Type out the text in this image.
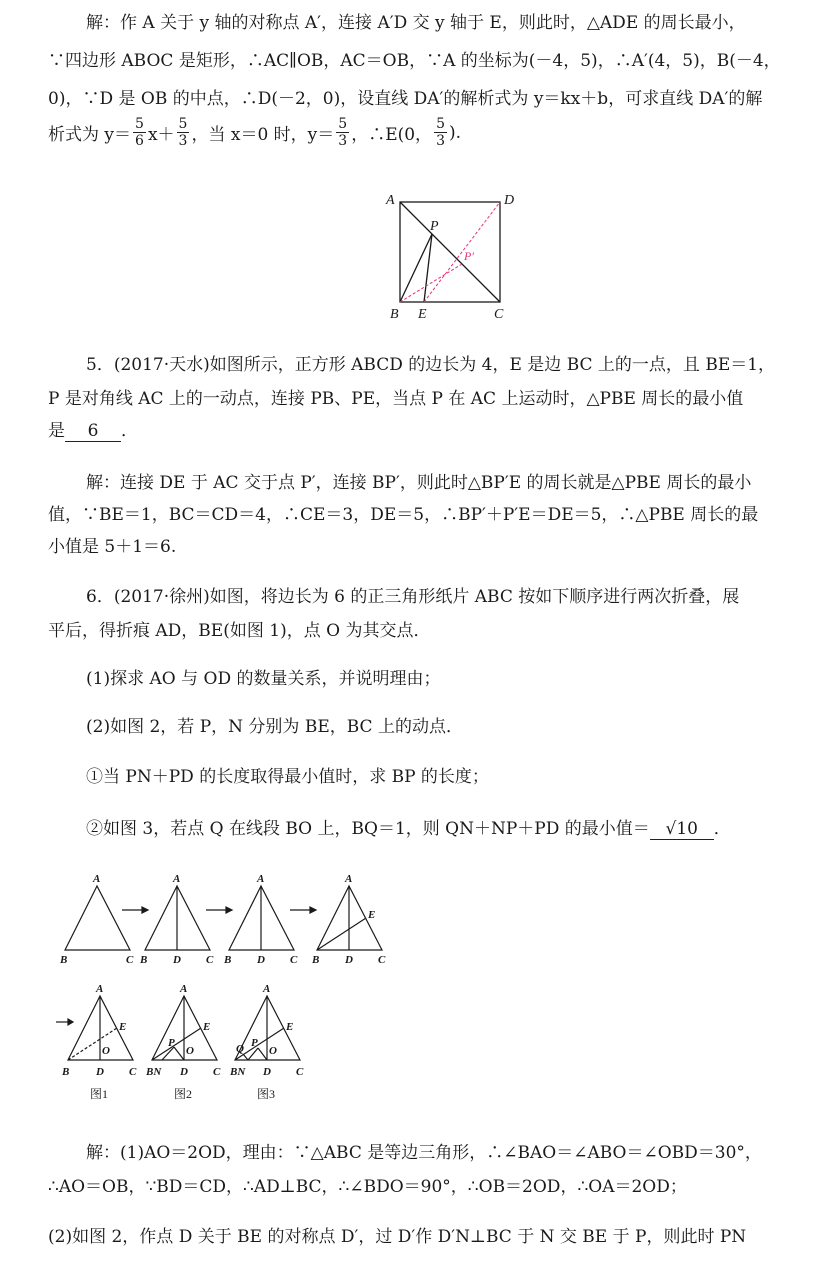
解：作 A 关于 y 轴的对称点 A′，连接 A′D 交 y 轴于 E，则此时，△ADE 的周长最小，
∵四边形 ABOC 是矩形，∴AC∥OB，AC＝OB，∵A 的坐标为(－4，5)，∴A′(4，5)，B(－4，
0)，∵D 是 OB 的中点，∴D(－2，0)，设直线 DA′的解析式为 y＝kx＋b，可求直线 DA′的解
析式为 $y= \frac{5}{6} x+ \frac{5}{3}$ ，当 x＝0 时，$y= \frac{5}{3}$ ，∴E(0， $\frac{5}{3}$ ).
A	D
P
P′
B E	C
5．(2017·天水)如图所示，正方形 ABCD 的边长为 4，E 是边 BC 上的一点，且 BE＝1，
P 是对角线 AC 上的一动点，连接 PB、PE，当点 P 在 AC 上运动时，△PBE 周长的最小值
是 6 ．
解：连接 DE 于 AC 交于点 P′，连接 BP′，则此时△BP′E 的周长就是△PBE 周长的最小
值，∵BE＝1，BC＝CD＝4，∴CE＝3，DE＝5，∴BP′＋P′E＝DE＝5，∴△PBE 周长的最
小值是 5＋1＝6.
6．(2017·徐州)如图，将边长为 6 的正三角形纸片 ABC 按如下顺序进行两次折叠，展
平后，得折痕 AD，BE(如图 1)，点 O 为其交点．
(1)探求 AO 与 OD 的数量关系，并说明理由；
(2)如图 2，若 P，N 分别为 BE，BC 上的动点．
①当 PN＋PD 的长度取得最小值时，求 BP 的长度；
②如图 3，若点 Q 在线段 BO 上，BQ＝1，则 QN＋NP＋PD 的最小值＝ √10 ．
A
B	C
A
B D C
A
B D C
A
E
B D C
A
E
O
B D C
A
E
P
O
BN D C
A
E
Q P
O
BN D C
图1	图2	图3
解：(1)AO＝2OD，理由：∵△ABC 是等边三角形，∴∠BAO＝∠ABO＝∠OBD＝30°，
∴AO＝OB，∵BD＝CD，∴AD⊥BC，∴∠BDO＝90°，∴OB＝2OD，∴OA＝2OD；
(2)如图 2，作点 D 关于 BE 的对称点 D′，过 D′作 D′N⊥BC 于 N 交 BE 于 P，则此时 PN
